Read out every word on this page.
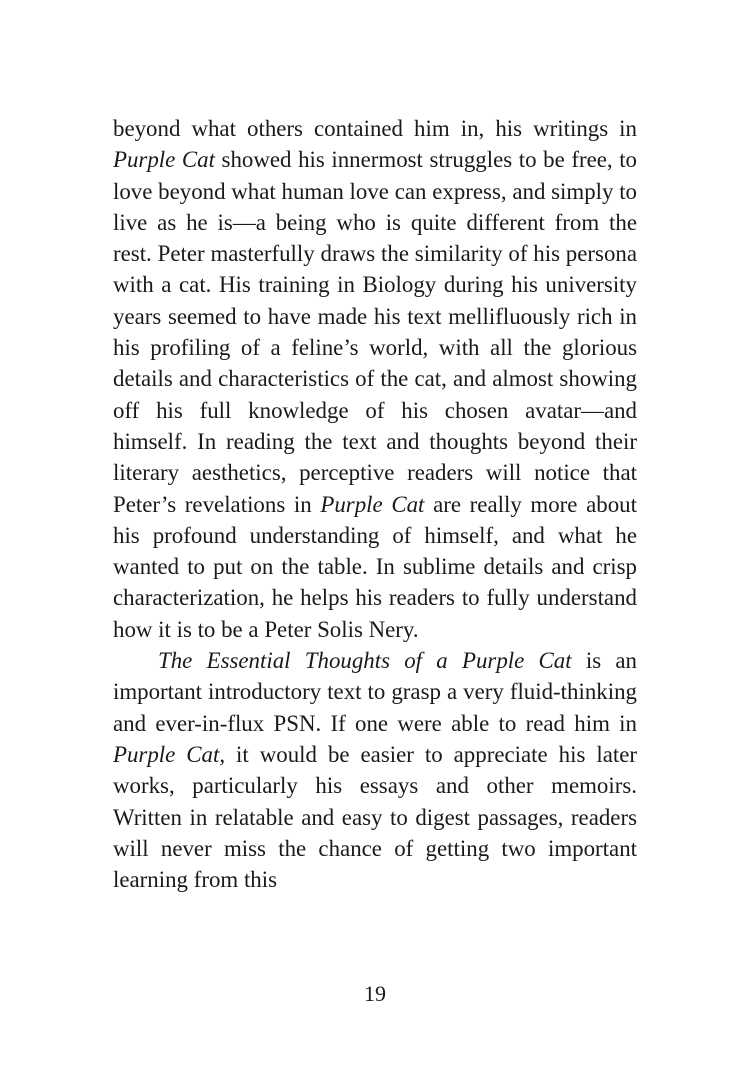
beyond what others contained him in, his writings in Purple Cat showed his innermost struggles to be free, to love beyond what human love can express, and simply to live as he is—a being who is quite different from the rest. Peter masterfully draws the similarity of his persona with a cat. His training in Biology during his university years seemed to have made his text mellifluously rich in his profiling of a feline’s world, with all the glorious details and characteristics of the cat, and almost showing off his full knowledge of his chosen avatar—and himself. In reading the text and thoughts beyond their literary aesthetics, perceptive readers will notice that Peter’s revelations in Purple Cat are really more about his profound understanding of himself, and what he wanted to put on the table. In sublime details and crisp characterization, he helps his readers to fully understand how it is to be a Peter Solis Nery.

The Essential Thoughts of a Purple Cat is an important introductory text to grasp a very fluid-thinking and ever-in-flux PSN. If one were able to read him in Purple Cat, it would be easier to appreciate his later works, particularly his essays and other memoirs. Written in relatable and easy to digest passages, readers will never miss the chance of getting two important learning from this

19
